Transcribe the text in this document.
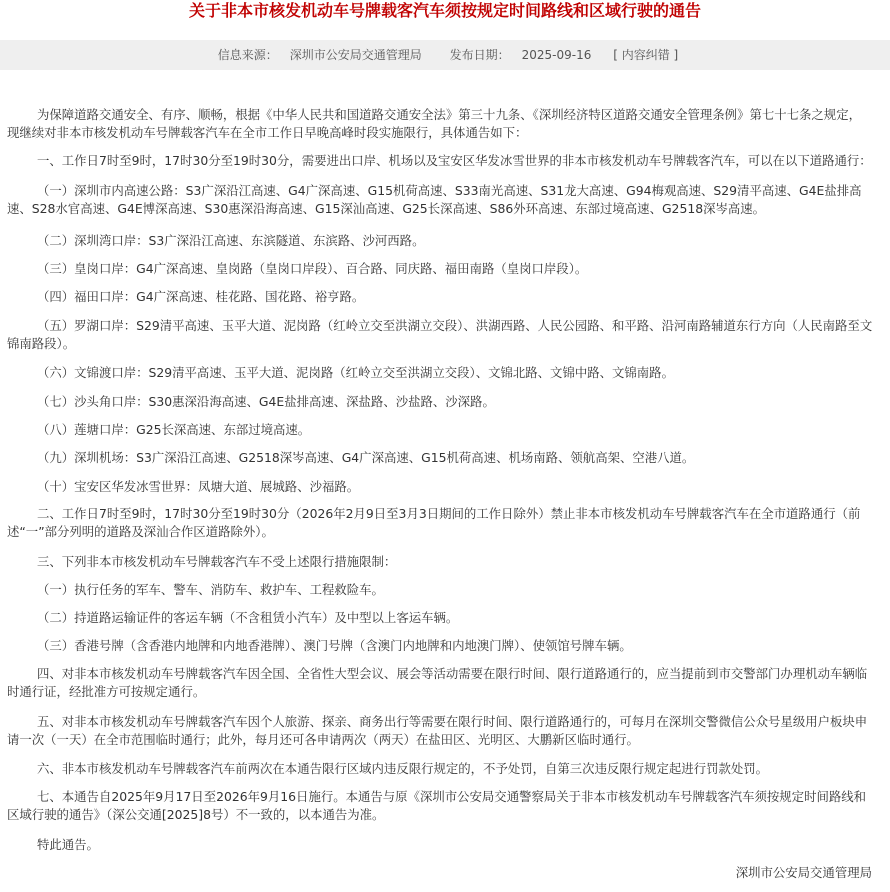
关于非本市核发机动车号牌载客汽车须按规定时间路线和区域行驶的通告
信息来源： 深圳市公安局交通管理局 发布日期： 2025-09-16 [ 内容纠错 ]

为保障道路交通安全、有序、顺畅，根据《中华人民共和国道路交通安全法》第三十九条、《深圳经济特区道路交通安全管理条例》第七十七条之规定，现继续对非本市核发机动车号牌载客汽车在全市工作日早晚高峰时段实施限行，具体通告如下：

一、工作日7时至9时，17时30分至19时30分，需要进出口岸、机场以及宝安区华发冰雪世界的非本市核发机动车号牌载客汽车，可以在以下道路通行：

（一）深圳市内高速公路：S3广深沿江高速、G4广深高速、G15机荷高速、S33南光高速、S31龙大高速、G94梅观高速、S29清平高速、G4E盐排高速、S28水官高速、G4E博深高速、S30惠深沿海高速、G15深汕高速、G25长深高速、S86外环高速、东部过境高速、G2518深岑高速。

（二）深圳湾口岸：S3广深沿江高速、东滨隧道、东滨路、沙河西路。

（三）皇岗口岸：G4广深高速、皇岗路（皇岗口岸段）、百合路、同庆路、福田南路（皇岗口岸段）。

（四）福田口岸：G4广深高速、桂花路、国花路、裕亨路。

（五）罗湖口岸：S29清平高速、玉平大道、泥岗路（红岭立交至洪湖立交段）、洪湖西路、人民公园路、和平路、沿河南路辅道东行方向（人民南路至文锦南路段）。

（六）文锦渡口岸：S29清平高速、玉平大道、泥岗路（红岭立交至洪湖立交段）、文锦北路、文锦中路、文锦南路。

（七）沙头角口岸：S30惠深沿海高速、G4E盐排高速、深盐路、沙盐路、沙深路。

（八）莲塘口岸：G25长深高速、东部过境高速。

（九）深圳机场：S3广深沿江高速、G2518深岑高速、G4广深高速、G15机荷高速、机场南路、领航高架、空港八道。

（十）宝安区华发冰雪世界：凤塘大道、展城路、沙福路。

二、工作日7时至9时，17时30分至19时30分（2026年2月9日至3月3日期间的工作日除外）禁止非本市核发机动车号牌载客汽车在全市道路通行（前述“一”部分列明的道路及深汕合作区道路除外）。

三、下列非本市核发机动车号牌载客汽车不受上述限行措施限制：

（一）执行任务的军车、警车、消防车、救护车、工程救险车。

（二）持道路运输证件的客运车辆（不含租赁小汽车）及中型以上客运车辆。

（三）香港号牌（含香港内地牌和内地香港牌）、澳门号牌（含澳门内地牌和内地澳门牌）、使领馆号牌车辆。

四、对非本市核发机动车号牌载客汽车因全国、全省性大型会议、展会等活动需要在限行时间、限行道路通行的，应当提前到市交警部门办理机动车辆临时通行证，经批准方可按规定通行。

五、对非本市核发机动车号牌载客汽车因个人旅游、探亲、商务出行等需要在限行时间、限行道路通行的，可每月在深圳交警微信公众号星级用户板块申请一次（一天）在全市范围临时通行；此外，每月还可各申请两次（两天）在盐田区、光明区、大鹏新区临时通行。

六、非本市核发机动车号牌载客汽车前两次在本通告限行区域内违反限行规定的，不予处罚，自第三次违反限行规定起进行罚款处罚。

七、本通告自2025年9月17日至2026年9月16日施行。本通告与原《深圳市公安局交通警察局关于非本市核发机动车号牌载客汽车须按规定时间路线和区域行驶的通告》（深公交通[2025]8号）不一致的，以本通告为准。

特此通告。

深圳市公安局交通管理局
